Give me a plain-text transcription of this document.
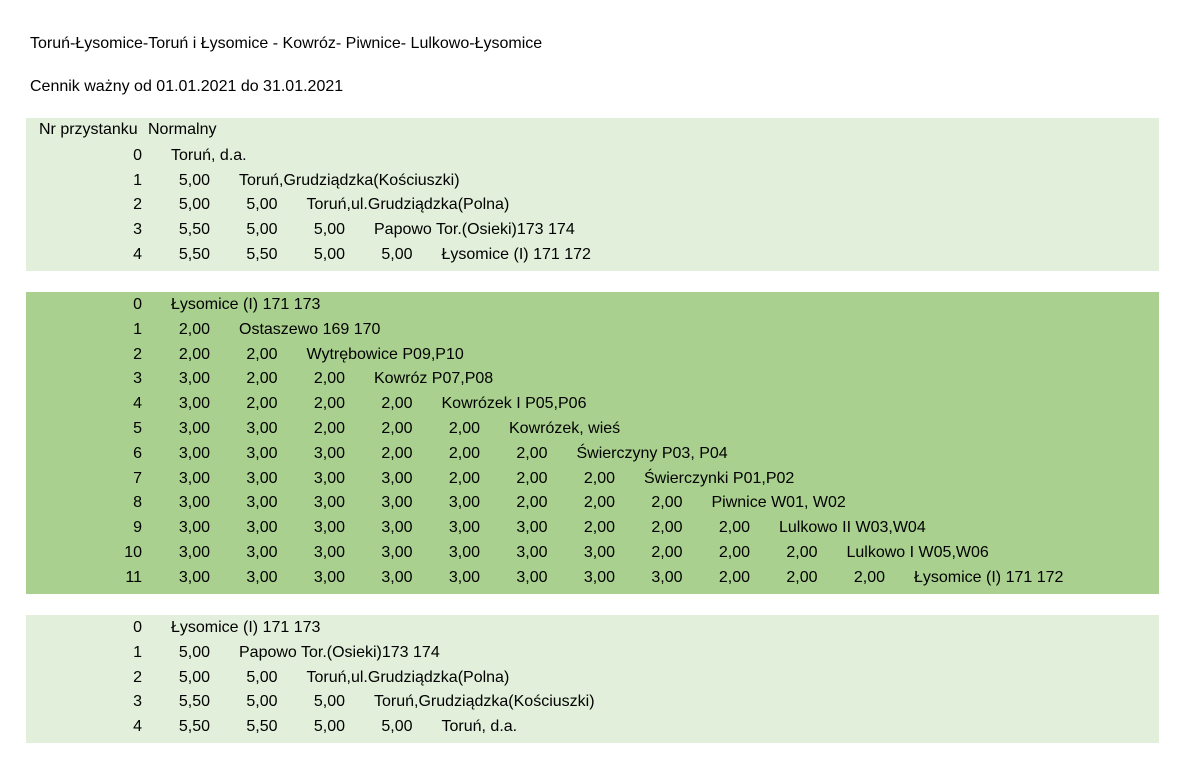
Toruń-Łysomice-Toruń i Łysomice - Kowróz- Piwnice- Lulkowo-Łysomice
Cennik ważny od 01.01.2021 do 31.01.2021
Nr przystanku Normalny
0 Toruń, d.a.
1	5,00 Toruń,Grudziądzka(Kościuszki)
2	5,00	5,00 Toruń,ul.Grudziądzka(Polna)
3	5,50	5,00	5,00 Papowo Tor.(Osieki)173 174
4	5,50	5,50	5,00	5,00 Łysomice (I) 171 172
0 Łysomice (I) 171 173
1	2,00 Ostaszewo 169 170
2	2,00	2,00 Wytrębowice P09,P10
3	3,00	2,00	2,00 Kowróz P07,P08
4	3,00	2,00	2,00	2,00 Kowrózek I P05,P06
5	3,00	3,00	2,00	2,00	2,00 Kowrózek, wieś
6	3,00	3,00	3,00	2,00	2,00	2,00 Świerczyny P03, P04
7	3,00	3,00	3,00	3,00	2,00	2,00	2,00 Świerczynki P01,P02
8	3,00	3,00	3,00	3,00	3,00	2,00	2,00	2,00 Piwnice W01, W02
9	3,00	3,00	3,00	3,00	3,00	3,00	2,00	2,00	2,00 Lulkowo II W03,W04
10	3,00	3,00	3,00	3,00	3,00	3,00	3,00	2,00	2,00	2,00 Lulkowo I W05,W06
11	3,00	3,00	3,00	3,00	3,00	3,00	3,00	3,00	2,00	2,00	2,00 Łysomice (I) 171 172
0 Łysomice (I) 171 173
1	5,00 Papowo Tor.(Osieki)173 174
2	5,00	5,00 Toruń,ul.Grudziądzka(Polna)
3	5,50	5,00	5,00 Toruń,Grudziądzka(Kościuszki)
4	5,50	5,50	5,00	5,00 Toruń, d.a.
